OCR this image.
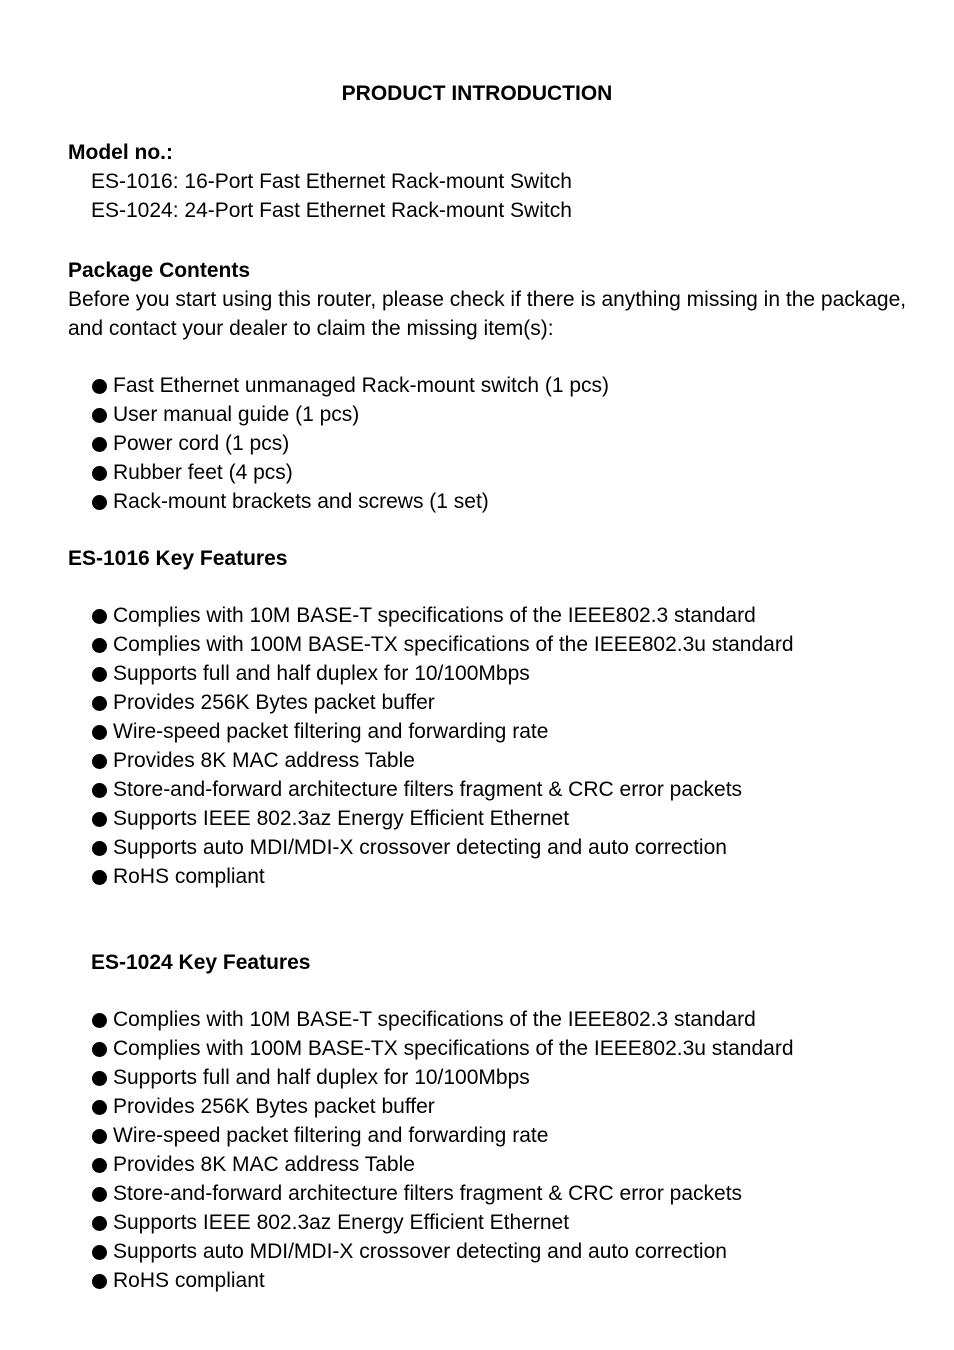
PRODUCT INTRODUCTION

Model no.:

ES-1016: 16-Port Fast Ethernet Rack-mount Switch

ES-1024: 24-Port Fast Ethernet Rack-mount Switch

Package Contents

Before you start using this router, please check if there is anything missing in the package, and contact your dealer to claim the missing item(s):

Fast Ethernet unmanaged Rack-mount switch (1 pcs)
User manual guide (1 pcs)
Power cord (1 pcs)
Rubber feet (4 pcs)
Rack-mount brackets and screws (1 set)

ES-1016 Key Features

Complies with 10M BASE-T specifications of the IEEE802.3 standard
Complies with 100M BASE-TX specifications of the IEEE802.3u standard
Supports full and half duplex for 10/100Mbps
Provides 256K Bytes packet buffer
Wire-speed packet filtering and forwarding rate
Provides 8K MAC address Table
Store-and-forward architecture filters fragment & CRC error packets
Supports IEEE 802.3az Energy Efficient Ethernet
Supports auto MDI/MDI-X crossover detecting and auto correction
RoHS compliant

ES-1024 Key Features

Complies with 10M BASE-T specifications of the IEEE802.3 standard
Complies with 100M BASE-TX specifications of the IEEE802.3u standard
Supports full and half duplex for 10/100Mbps
Provides 256K Bytes packet buffer
Wire-speed packet filtering and forwarding rate
Provides 8K MAC address Table
Store-and-forward architecture filters fragment & CRC error packets
Supports IEEE 802.3az Energy Efficient Ethernet
Supports auto MDI/MDI-X crossover detecting and auto correction
RoHS compliant
